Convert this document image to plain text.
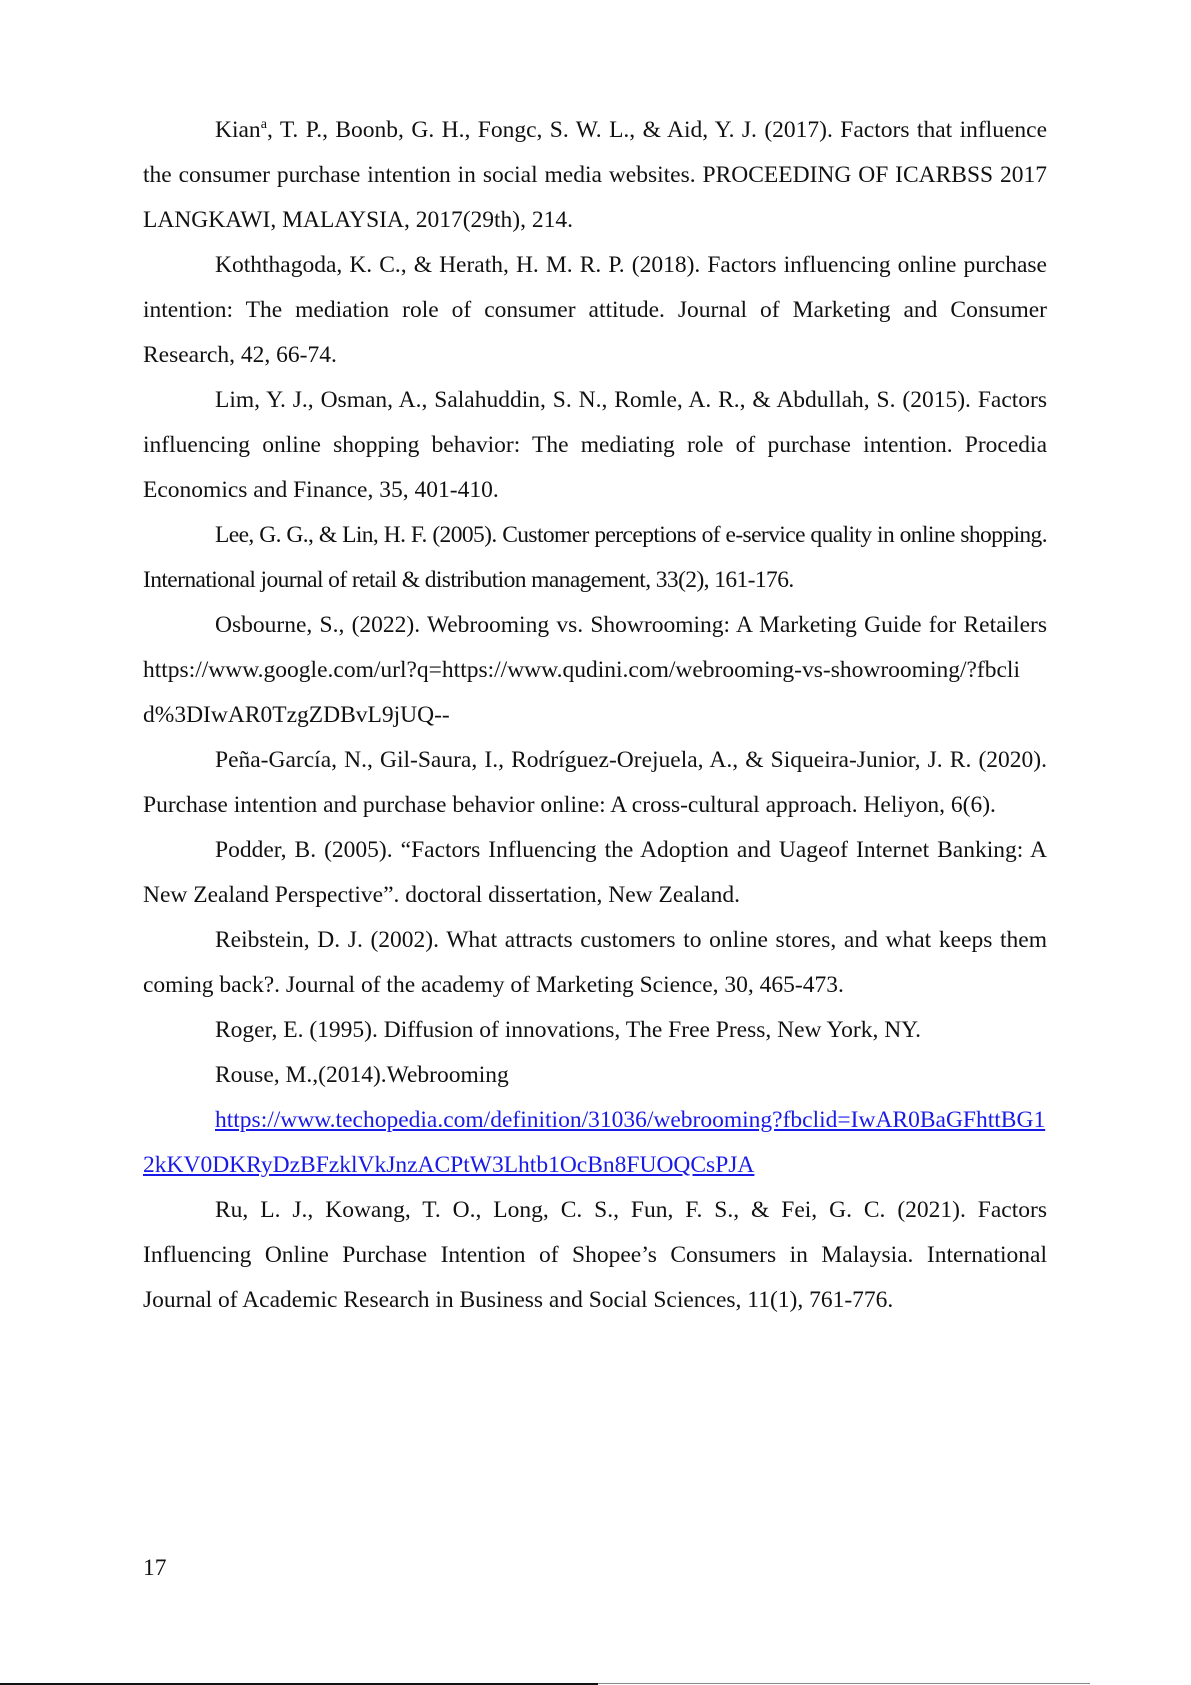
Kian$^a$, T. P., Boonb, G. H., Fongc, S. W. L., & Aid, Y. J. (2017). Factors that influence the consumer purchase intention in social media websites. PROCEEDING OF ICARBSS 2017 LANGKAWI, MALAYSIA, 2017(29th), 214.

Koththagoda, K. C., & Herath, H. M. R. P. (2018). Factors influencing online purchase intention: The mediation role of consumer attitude. Journal of Marketing and Consumer Research, 42, 66-74.

Lim, Y. J., Osman, A., Salahuddin, S. N., Romle, A. R., & Abdullah, S. (2015). Factors influencing online shopping behavior: The mediating role of purchase intention. Procedia Economics and Finance, 35, 401-410.

Lee, G. G., & Lin, H. F. (2005). Customer perceptions of e-service quality in online shopping. International journal of retail & distribution management, 33(2), 161-176.

Osbourne, S., (2022). Webrooming vs. Showrooming: A Marketing Guide for Retailers https://www.google.com/url?q=https://www.qudini.com/webrooming-vs-showrooming/?fbclid%3DIwAR0TzgZDBvL9jUQ--

Peña-García, N., Gil-Saura, I., Rodríguez-Orejuela, A., & Siqueira-Junior, J. R. (2020). Purchase intention and purchase behavior online: A cross-cultural approach. Heliyon, 6(6).

Podder, B. (2005). “Factors Influencing the Adoption and Uageof Internet Banking: A New Zealand Perspective”. doctoral dissertation, New Zealand.

Reibstein, D. J. (2002). What attracts customers to online stores, and what keeps them coming back?. Journal of the academy of Marketing Science, 30, 465-473.

Roger, E. (1995). Diffusion of innovations, The Free Press, New York, NY.

Rouse, M.,(2014).Webrooming

https://www.techopedia.com/definition/31036/webrooming?fbclid=IwAR0BaGFhttBG12kKV0DKRyDzBFzklVkJnzACPtW3Lhtb1OcBn8FUOQCsPJA

Ru, L. J., Kowang, T. O., Long, C. S., Fun, F. S., & Fei, G. C. (2021). Factors Influencing Online Purchase Intention of Shopee’s Consumers in Malaysia. International Journal of Academic Research in Business and Social Sciences, 11(1), 761-776.

17
